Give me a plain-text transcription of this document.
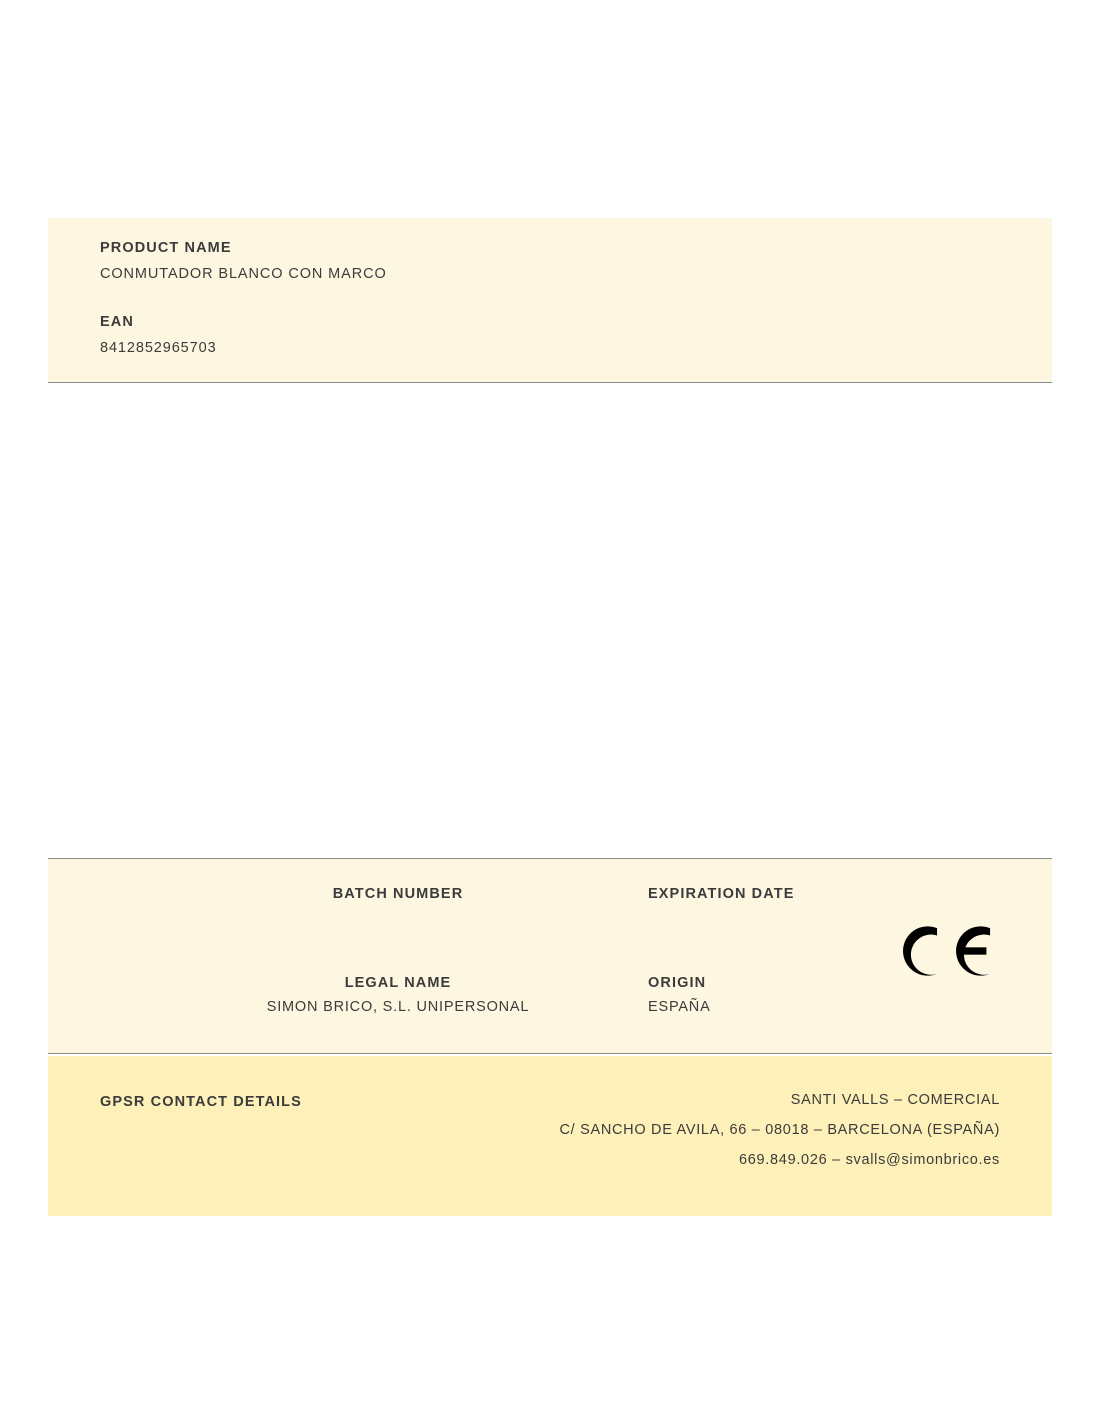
PRODUCT NAME

CONMUTADOR BLANCO CON MARCO

EAN

8412852965703

BATCH NUMBER	EXPIRATION DATE

LEGAL NAME

SIMON BRICO, S.L. UNIPERSONAL

ORIGIN

ESPAÑA

GPSR CONTACT DETAILS	SANTI VALLS – COMERCIAL

C/ SANCHO DE AVILA, 66 – 08018 – BARCELONA (ESPAÑA)

669.849.026 – svalls@simonbrico.es
